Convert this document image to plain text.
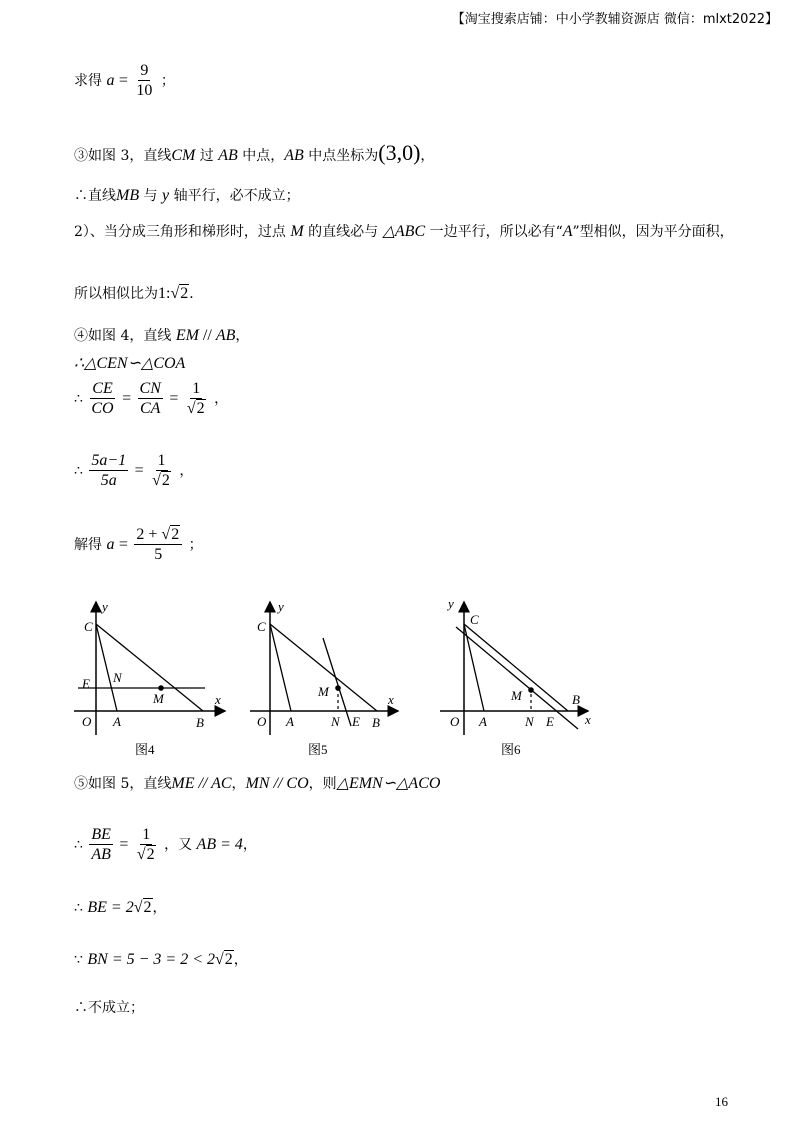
【淘宝搜索店铺：中小学教辅资源店 微信：mlxt2022】
求得 $a = \frac{9}{10}$ ；
③如图 3，直线CM 过 AB 中点，AB 中点坐标为(3,0)，
∴直线MB 与 y 轴平行，必不成立；
2）、当分成三角形和梯形时，过点 M 的直线必与 △ABC 一边平行，所以必有“A”型相似，因为平分面积，
所以相似比为1:√2．
④如图 4，直线 EM // AB，
∴△CEN∽△COA
∴ $\frac{CE}{CO} = \frac{CN}{CA} = \frac{1}{√2}$ ，
∴ $\frac{5a-1}{5a} = \frac{1}{√2}$ ，
解得 $a = \frac{2 + √2}{5}$ ；
y
C
E N
M	x
O A	B
图4
y
C
M
x
O A	N E B
图5
y
C
M	B
x
O A	N E
图6
⑤如图 5，直线ME // AC，MN // CO，则△EMN∽△ACO
∴ $\frac{BE}{AB} = \frac{1}{√2}$ ，又 AB = 4，
∴ BE = 2√2，
∵ BN = 5 − 3 = 2 < 2√2，
∴不成立；
16
